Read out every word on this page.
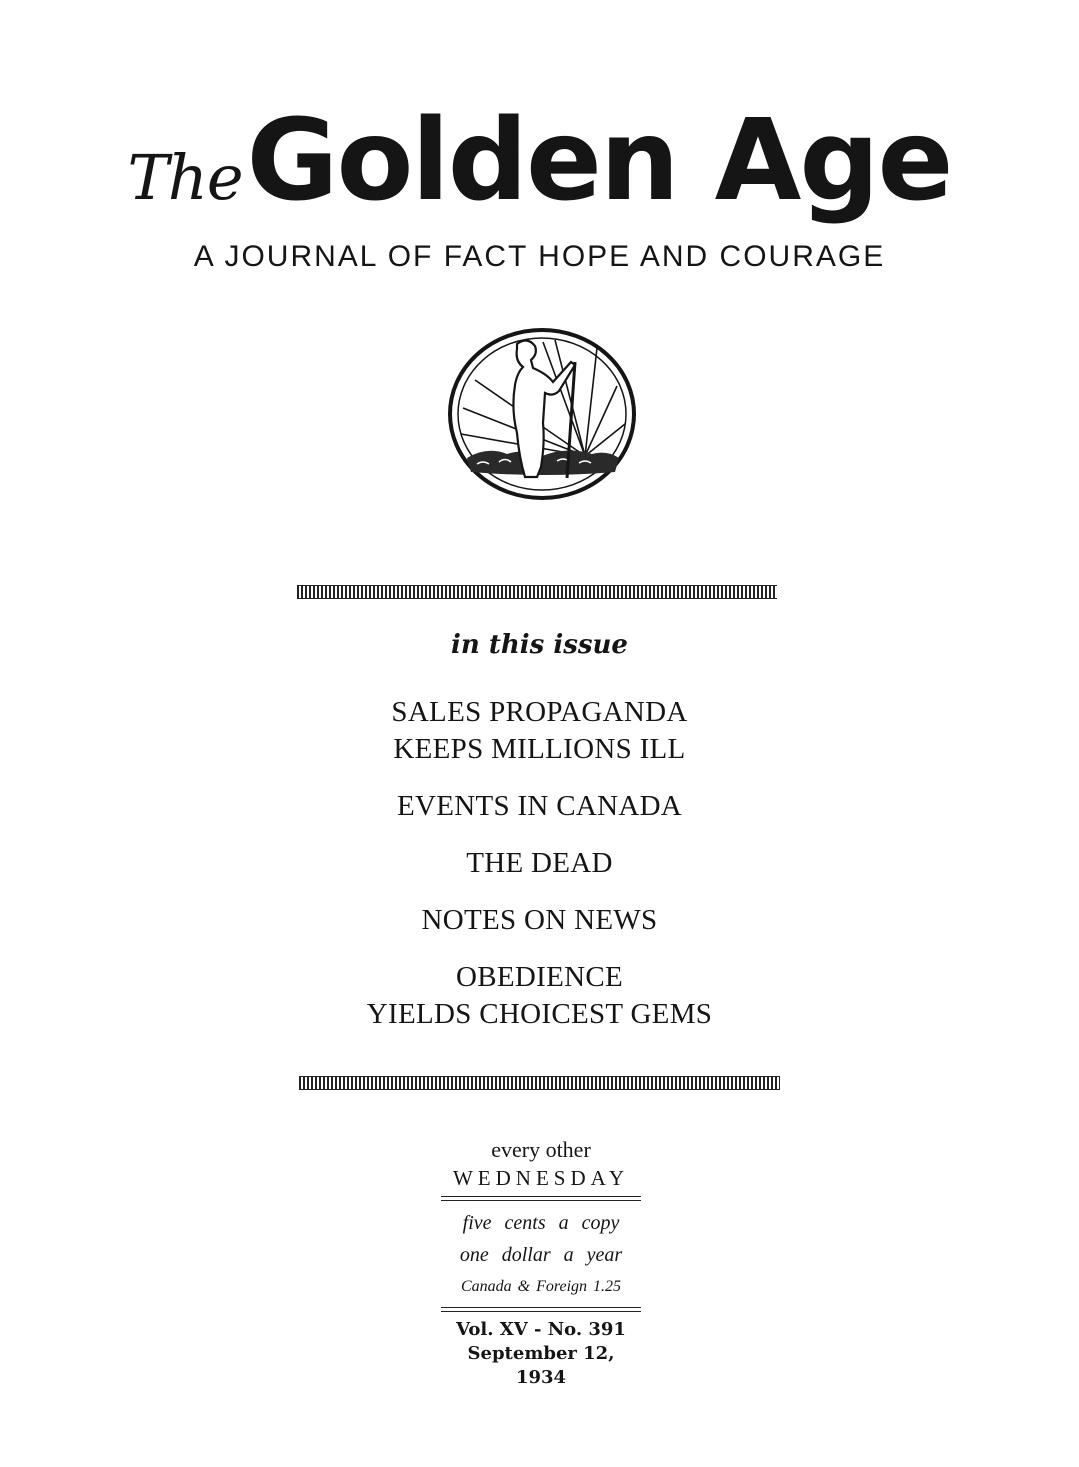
TheGolden Age
A JOURNAL OF FACT HOPE AND COURAGE
in this issue
SALES PROPAGANDA
KEEPS MILLIONS ILL
EVENTS IN CANADA
THE DEAD
NOTES ON NEWS
OBEDIENCE
YIELDS CHOICEST GEMS
every other
WEDNESDAY
five cents a copy
one dollar a year
Canada & Foreign 1.25
Vol. XV - No. 391
September 12, 1934
